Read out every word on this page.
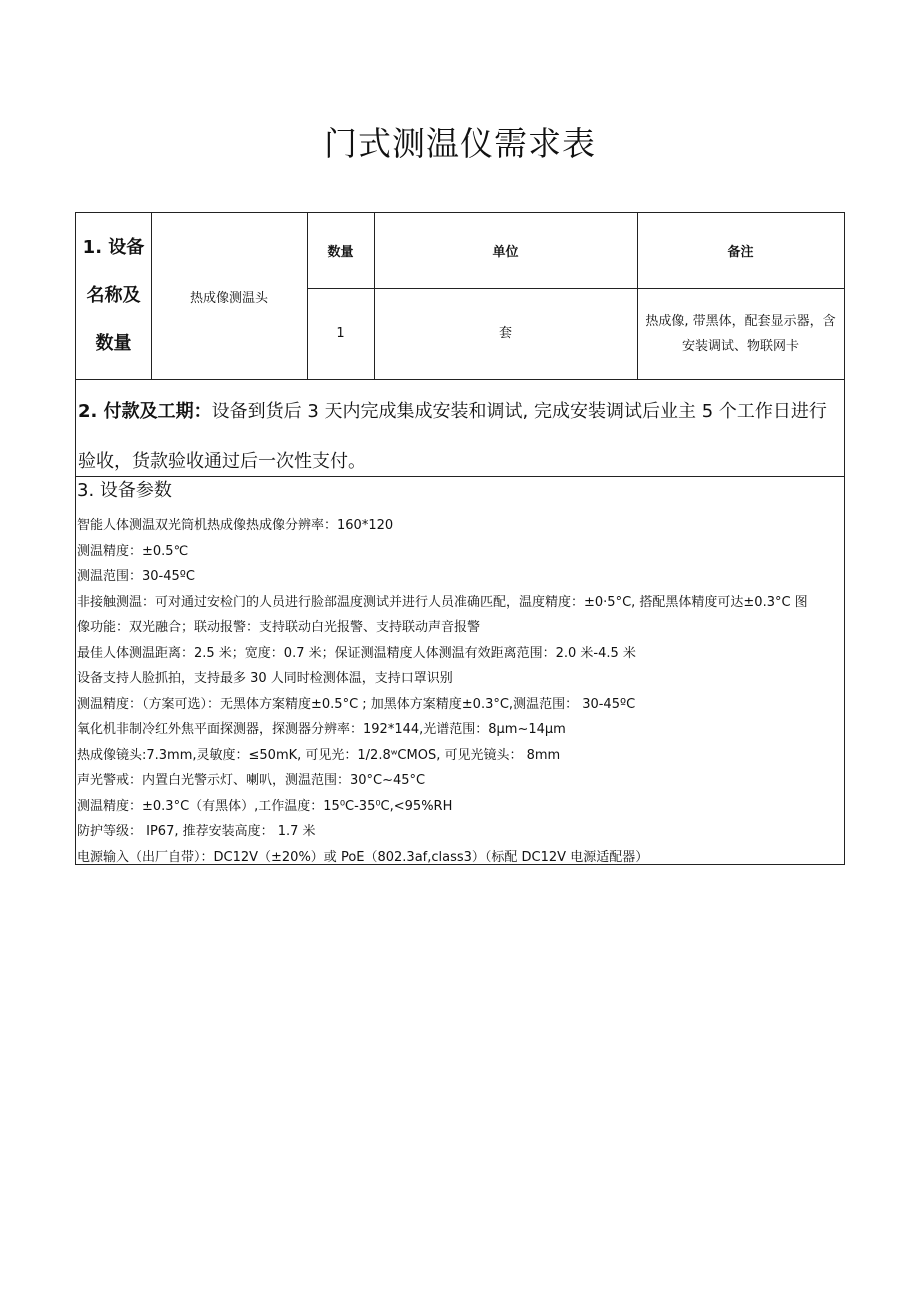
门式测温仪需求表
1. 设备
名称及
数量
热成像测温头
数量	单位	备注
1	套
热成像, 带黑体，配套显示器，含
安装调试、物联网卡
2. 付款及工期：设备到货后 3 天内完成集成安装和调试, 完成安装调试后业主 5 个工作日进行
验收，货款验收通过后一次性支付。
3. 设备参数
智能人体测温双光筒机热成像热成像分辨率：160*120
测温精度：±0.5℃
测温范围：30-45ºC
非接触测温：可对通过安检门的人员进行脸部温度测试并进行人员准确匹配，温度精度：±0·5°C, 搭配黑体精度可达±0.3°C 图
像功能：双光融合；联动报警：支持联动白光报警、支持联动声音报警
最佳人体测温距离：2.5 米；宽度：0.7 米；保证测温精度人体测温有效距离范围：2.0 米-4.5 米
设备支持人脸抓拍，支持最多 30 人同时检测体温，支持口罩识别
测温精度：（方案可选）：无黑体方案精度±0.5°C ; 加黑体方案精度±0.3°C,测温范围： 30-45ºC
氧化机非制冷红外焦平面探测器，探测器分辨率：192*144,光谱范围：8μm~14μm
热成像镜头:7.3mm,灵敏度：≤50mK, 可见光：1/2.8ʷCMOS, 可见光镜头： 8mm
声光警戒：内置白光警示灯、喇叭，测温范围：30°C~45°C
测温精度：±0.3°C（有黑体）,工作温度：15⁰C-35⁰C,<95%RH
防护等级： IP67, 推荐安装高度： 1.7 米
电源输入（出厂自带）：DC12V（±20%）或 PoE（802.3af,class3）（标配 DC12V 电源适配器）
